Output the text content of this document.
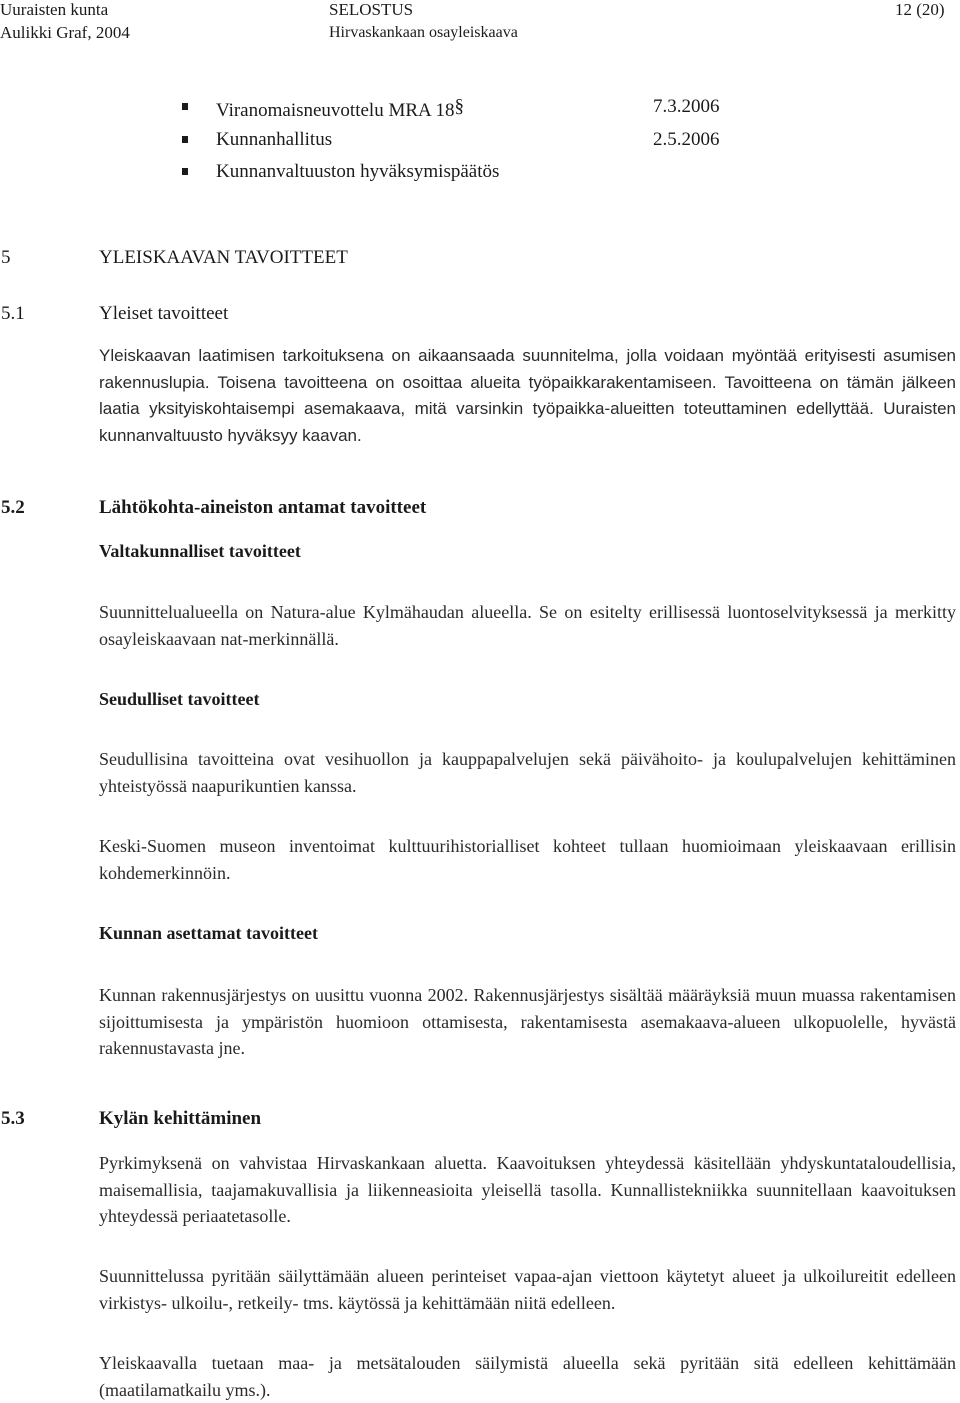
Uuraisten kunta
Aulikki Graf, 2004
SELOSTUS
Hirvaskankaan osayleiskaava
12 (20)
Viranomaisneuvottelu MRA 18§	7.3.2006
Kunnanhallitus	2.5.2006
Kunnanvaltuuston hyväksymispäätös
5	YLEISKAAVAN TAVOITTEET
5.1	Yleiset tavoitteet
Yleiskaavan laatimisen tarkoituksena on aikaansaada suunnitelma, jolla voidaan myöntää erityisesti asumisen rakennuslupia. Toisena tavoitteena on osoittaa alueita työpaikkarakentamiseen. Tavoitteena on tämän jälkeen laatia yksityiskohtaisempi asemakaava, mitä varsinkin työpaikka-alueitten toteuttaminen edellyttää. Uuraisten kunnanvaltuusto hyväksyy kaavan.
5.2	Lähtökohta-aineiston antamat tavoitteet
Valtakunnalliset tavoitteet
Suunnittelualueella on Natura-alue Kylmähaudan alueella. Se on esitelty erillisessä luontoselvityksessä ja merkitty osayleiskaavaan nat-merkinnällä.
Seudulliset tavoitteet
Seudullisina tavoitteina ovat vesihuollon ja kauppapalvelujen sekä päivähoito- ja koulupalvelujen kehittäminen yhteistyössä naapurikuntien kanssa.
Keski-Suomen museon inventoimat kulttuurihistorialliset kohteet tullaan huomioimaan yleiskaavaan erillisin kohdemerkinnöin.
Kunnan asettamat tavoitteet
Kunnan rakennusjärjestys on uusittu vuonna 2002. Rakennusjärjestys sisältää määräyksiä muun muassa rakentamisen sijoittumisesta ja ympäristön huomioon ottamisesta, rakentamisesta asemakaava-alueen ulkopuolelle, hyvästä rakennustavasta jne.
5.3	Kylän kehittäminen
Pyrkimyksenä on vahvistaa Hirvaskankaan aluetta. Kaavoituksen yhteydessä käsitellään yhdyskuntataloudellisia, maisemallisia, taajamakuvallisia ja liikenneasioita yleisellä tasolla. Kunnallistekniikka suunnitellaan kaavoituksen yhteydessä periaatetasolle.
Suunnittelussa pyritään säilyttämään alueen perinteiset vapaa-ajan viettoon käytetyt alueet ja ulkoilureitit edelleen virkistys- ulkoilu-, retkeily- tms. käytössä ja kehittämään niitä edelleen.
Yleiskaavalla tuetaan maa- ja metsätalouden säilymistä alueella sekä pyritään sitä edelleen kehittämään (maatilamatkailu yms.).
